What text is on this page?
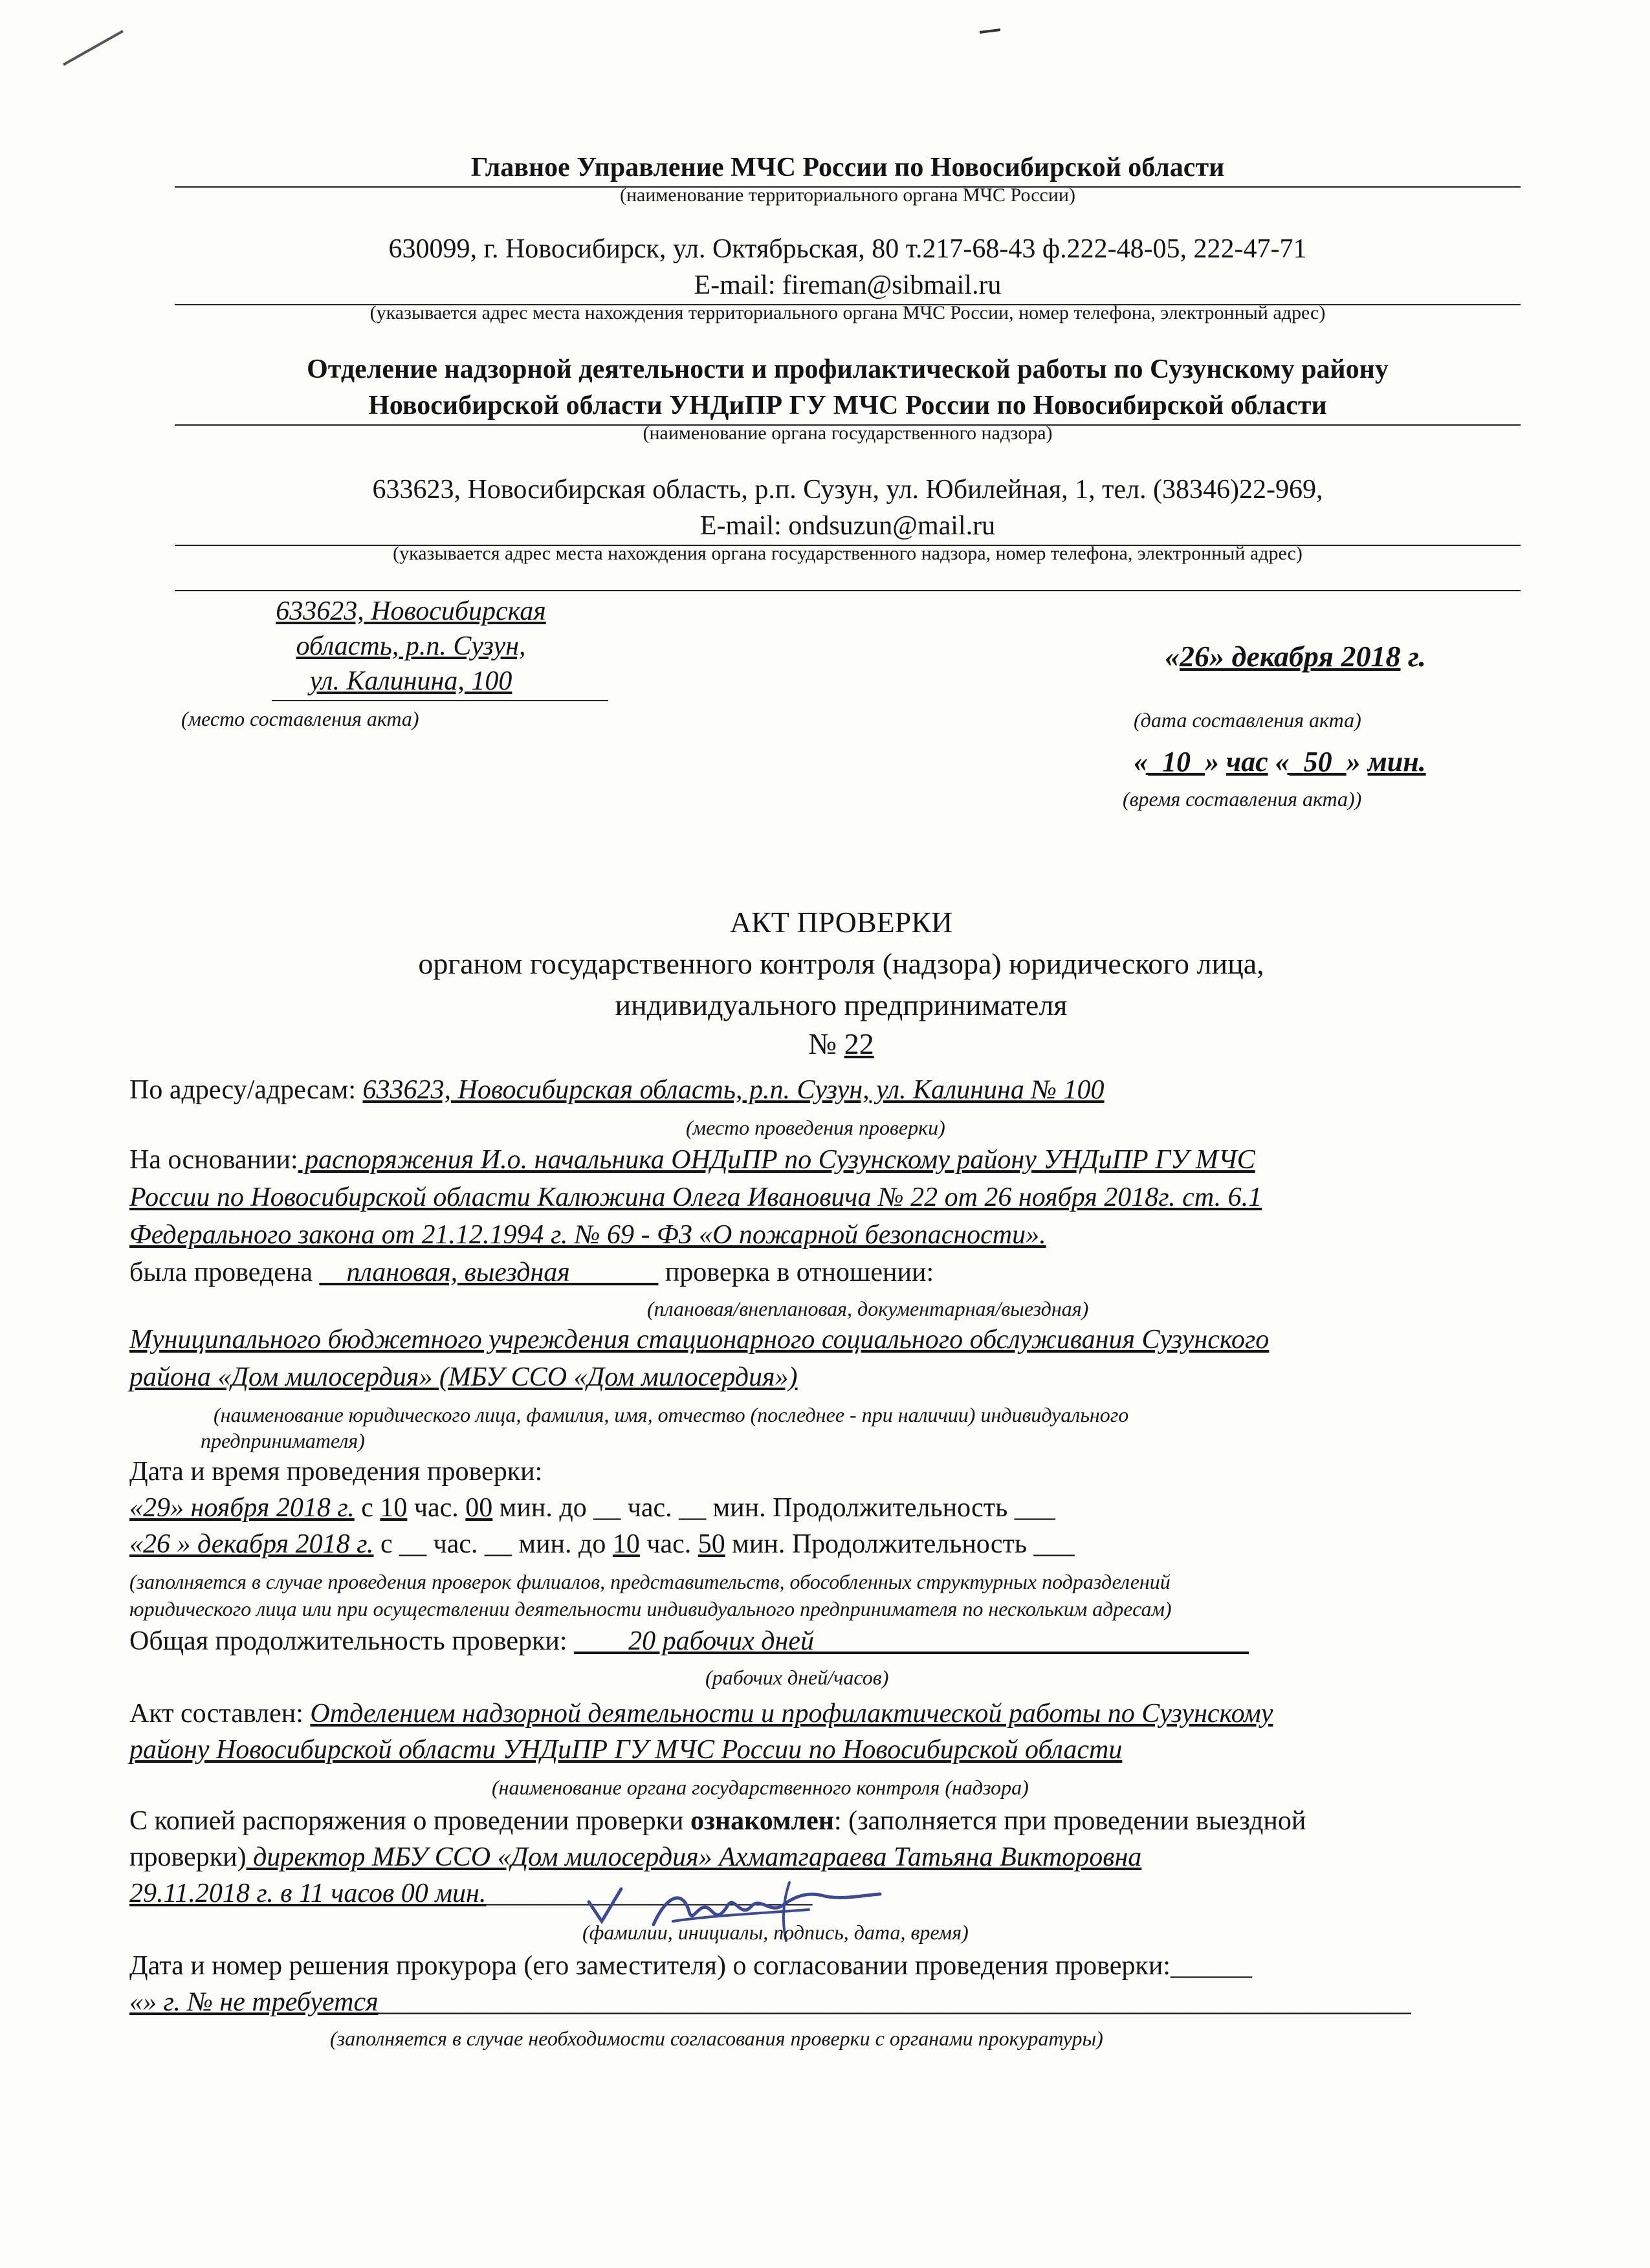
Главное Управление МЧС России по Новосибирской области
(наименование территориального органа МЧС России)
630099, г. Новосибирск, ул. Октябрьская, 80 т.217-68-43 ф.222-48-05, 222-47-71
E-mail: fireman@sibmail.ru
(указывается адрес места нахождения территориального органа МЧС России, номер телефона, электронный адрес)
Отделение надзорной деятельности и профилактической работы по Сузунскому району
Новосибирской области УНДиПР ГУ МЧС России по Новосибирской области
(наименование органа государственного надзора)
633623, Новосибирская область, р.п. Сузун, ул. Юбилейная, 1, тел. (38346)22-969,
E-mail: ondsuzun@mail.ru
(указывается адрес места нахождения органа государственного надзора, номер телефона, электронный адрес)
633623, Новосибирская
область, р.п. Сузун,
ул. Калинина, 100
(место составления акта)
«26» декабря 2018 г.
(дата составления акта)
«_10_» час «_50_» мин.
(время составления акта))
АКТ ПРОВЕРКИ
органом государственного контроля (надзора) юридического лица,
индивидуального предпринимателя
№ 22
По адресу/адресам: 633623, Новосибирская область, р.п. Сузун, ул. Калинина № 100
(место проведения проверки)
На основании: распоряжения И.о. начальника ОНДиПР по Сузунскому району УНДиПР ГУ МЧС
России по Новосибирской области Калюжина Олега Ивановича № 22 от 26 ноября 2018г. ст. 6.1
Федерального закона от 21.12.1994 г. № 69 - ФЗ «О пожарной безопасности».
была проведена __плановая, выездная ______ проверка в отношении:
(плановая/внеплановая, документарная/выездная)
Муниципального бюджетного учреждения стационарного социального обслуживания Сузунского
района «Дом милосердия» (МБУ ССО «Дом милосердия»)
(наименование юридического лица, фамилия, имя, отчество (последнее - при наличии) индивидуального
предпринимателя)
Дата и время проведения проверки:
«29» ноября 2018 г. с 10 час. 00 мин. до __ час. __ мин. Продолжительность ___
«26 » декабря 2018 г. с __ час. __ мин. до 10 час. 50 мин. Продолжительность ___
(заполняется в случае проведения проверок филиалов, представительств, обособленных структурных подразделений
юридического лица или при осуществлении деятельности индивидуального предпринимателя по нескольким адресам)
Общая продолжительность проверки: ____20 рабочих дней________________________________
(рабочих дней/часов)
Акт составлен: Отделением надзорной деятельности и профилактической работы по Сузунскому
району Новосибирской области УНДиПР ГУ МЧС России по Новосибирской области
(наименование органа государственного контроля (надзора)
С копией распоряжения о проведении проверки ознакомлен: (заполняется при проведении выездной
проверки) директор МБУ ССО «Дом милосердия» Ахматгараева Татьяна Викторовна
29.11.2018 г. в 11 часов 00 мин.________________________
(фамилии, инициалы, подпись, дата, время)
Дата и номер решения прокурора (его заместителя) о согласовании проведения проверки:______
«» г. № не требуется____________________________________________________________________________
(заполняется в случае необходимости согласования проверки с органами прокуратуры)
